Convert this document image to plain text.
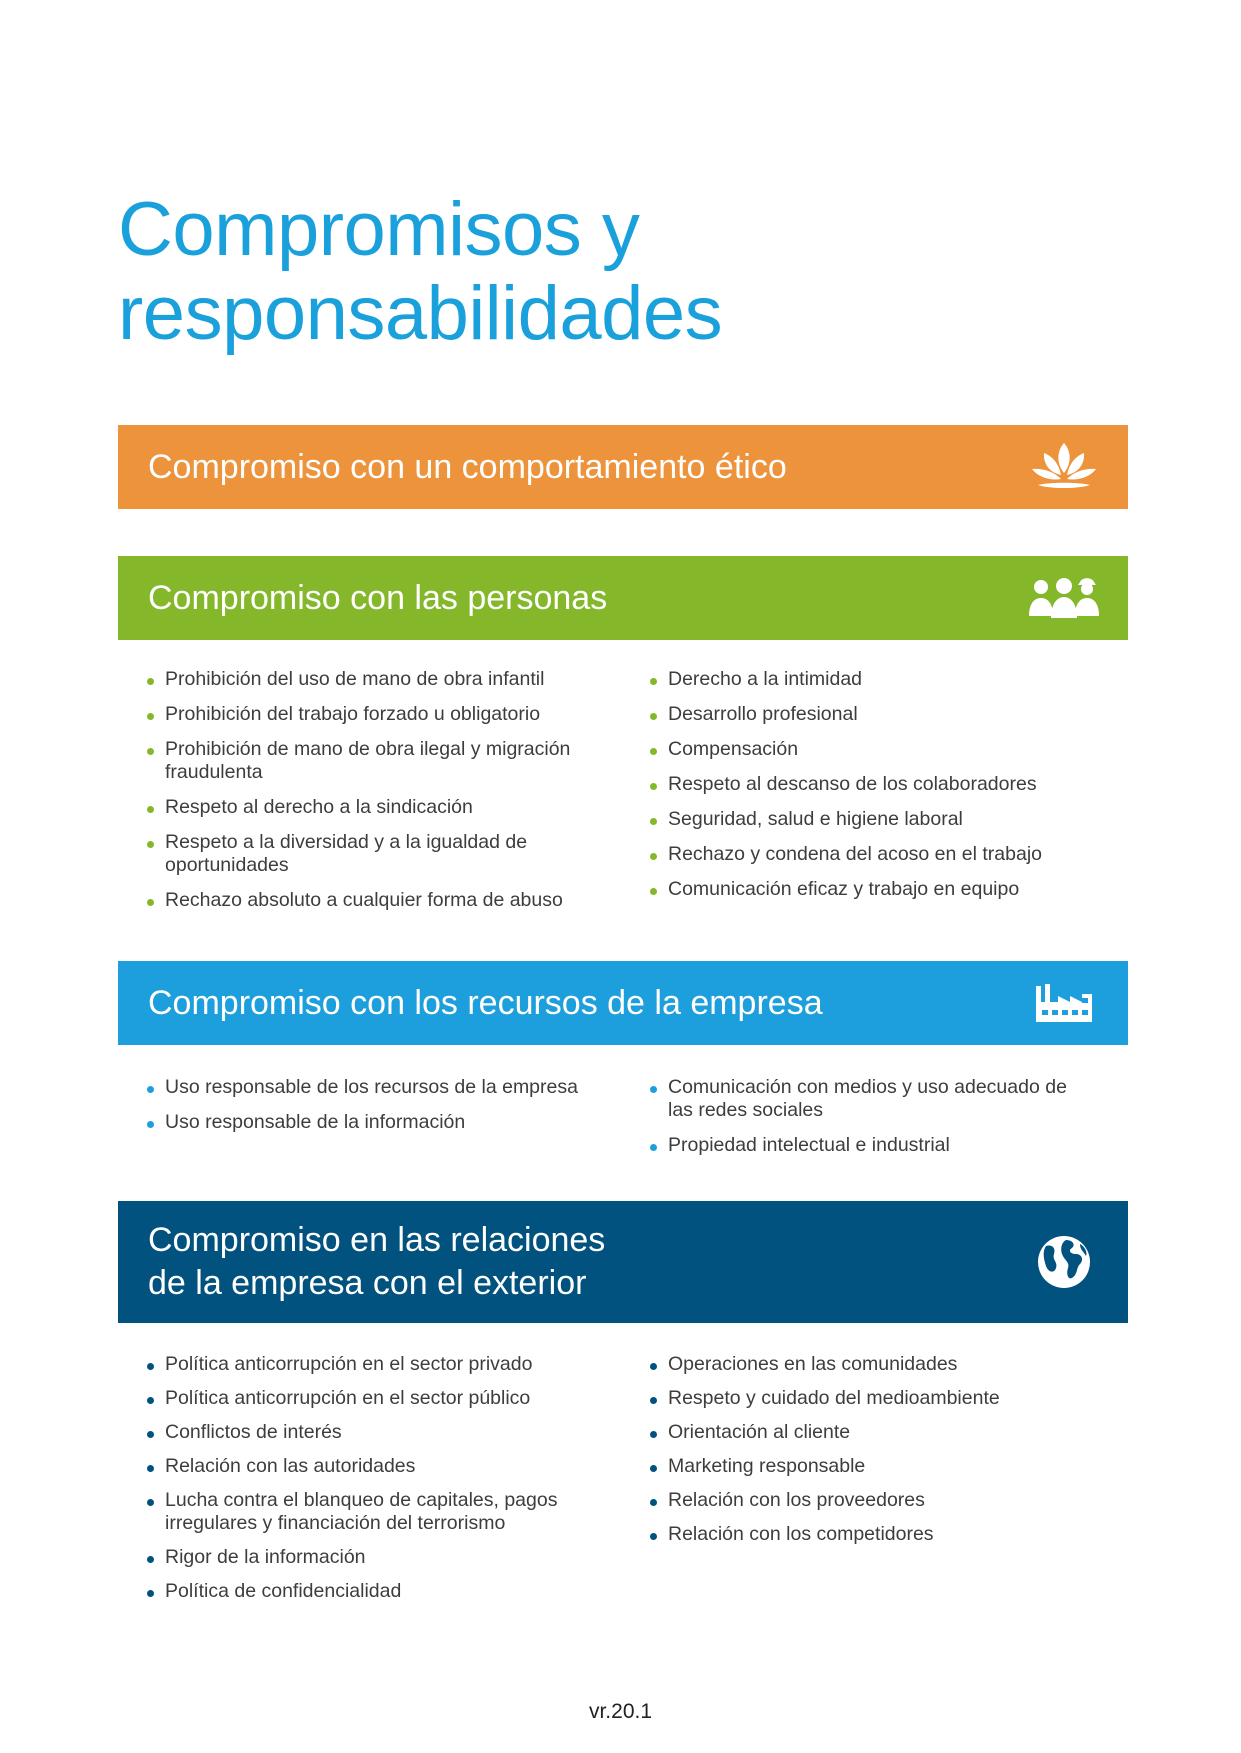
Compromisos y
responsabilidades
Compromiso con un comportamiento ético
Compromiso con las personas
Prohibición del uso de mano de obra infantil
Prohibición del trabajo forzado u obligatorio
Prohibición de mano de obra ilegal y migración fraudulenta
Respeto al derecho a la sindicación
Respeto a la diversidad y a la igualdad de oportunidades
Rechazo absoluto a cualquier forma de abuso
Derecho a la intimidad
Desarrollo profesional
Compensación
Respeto al descanso de los colaboradores
Seguridad, salud e higiene laboral
Rechazo y condena del acoso en el trabajo
Comunicación eficaz y trabajo en equipo
Compromiso con los recursos de la empresa
Uso responsable de los recursos de la empresa
Uso responsable de la información
Comunicación con medios y uso adecuado de las redes sociales
Propiedad intelectual e industrial
Compromiso en las relaciones
de la empresa con el exterior
Política anticorrupción en el sector privado
Política anticorrupción en el sector público
Conflictos de interés
Relación con las autoridades
Lucha contra el blanqueo de capitales, pagos irregulares y financiación del terrorismo
Rigor de la información
Política de confidencialidad
Operaciones en las comunidades
Respeto y cuidado del medioambiente
Orientación al cliente
Marketing responsable
Relación con los proveedores
Relación con los competidores
vr.20.1
